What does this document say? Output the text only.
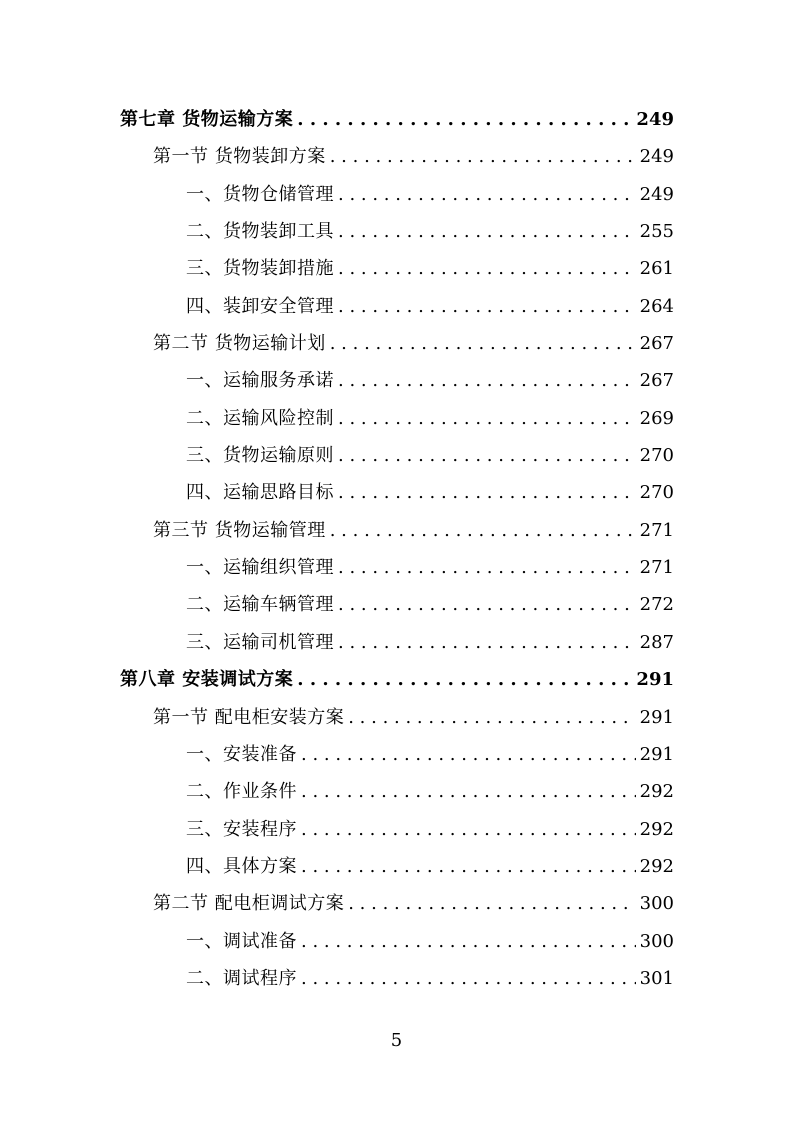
第七章 货物运输方案 . . .	249
第一节 货物装卸方案 . . .	249
一、货物仓储管理 . . .	249
二、货物装卸工具 . . .	255
三、货物装卸措施 . . .	261
四、装卸安全管理 . . .	264
第二节 货物运输计划 . . .	267
一、运输服务承诺 . . .	267
二、运输风险控制 . . .	269
三、货物运输原则 . . .	270
四、运输思路目标 . . .	270
第三节 货物运输管理 . . .	271
一、运输组织管理 . . .	271
二、运输车辆管理 . . .	272
三、运输司机管理 . . .	287
第八章 安装调试方案 . . .	291
第一节 配电柜安装方案 . . .	291
一、安装准备 . . .	291
二、作业条件 . . .	292
三、安装程序 . . .	292
四、具体方案 . . .	292
第二节 配电柜调试方案 . . .	300
一、调试准备 . . .	300
二、调试程序 . . .	301
5
